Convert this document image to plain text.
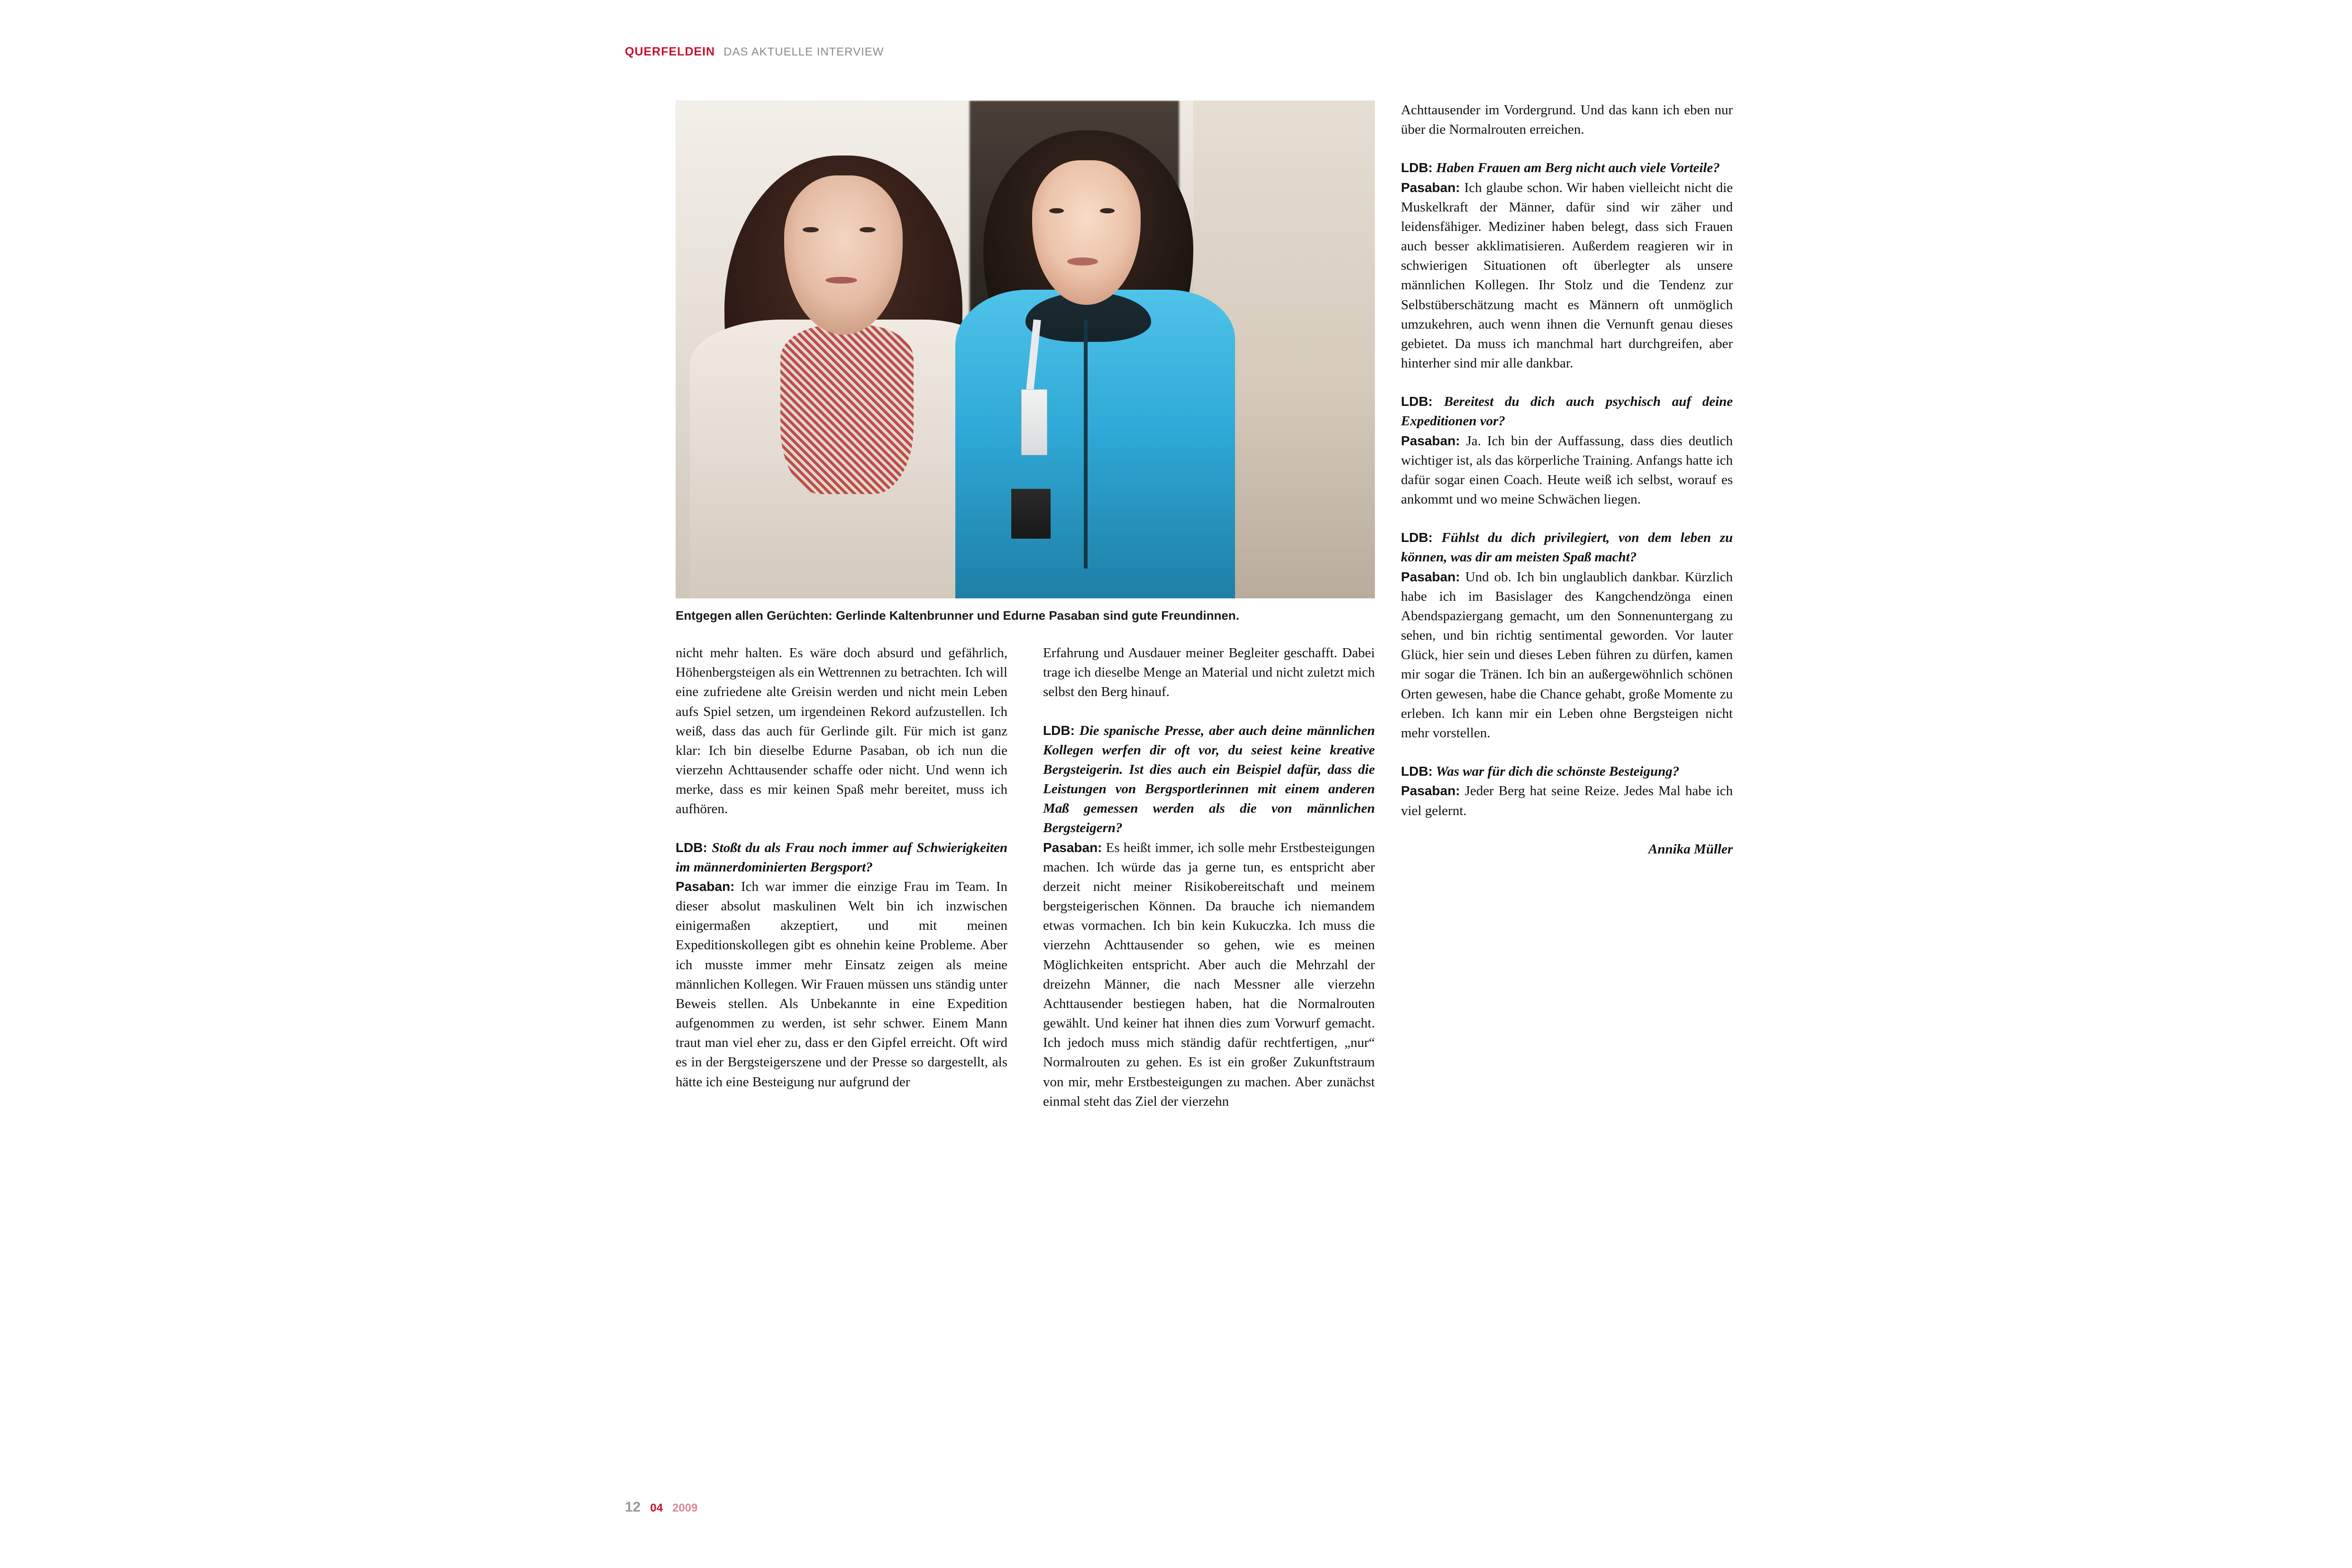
QUERFELDEIN DAS AKTUELLE INTERVIEW
Entgegen allen Gerüchten: Gerlinde Kaltenbrunner und Edurne Pasaban sind gute Freundinnen.

nicht mehr halten. Es wäre doch absurd und gefährlich, Höhenbergsteigen als ein Wettrennen zu betrachten. Ich will eine zufriedene alte Greisin werden und nicht mein Leben aufs Spiel setzen, um irgendeinen Rekord aufzustellen. Ich weiß, dass das auch für Gerlinde gilt. Für mich ist ganz klar: Ich bin dieselbe Edurne Pasaban, ob ich nun die vierzehn Achttausender schaffe oder nicht. Und wenn ich merke, dass es mir keinen Spaß mehr bereitet, muss ich aufhören.

LDB: Stoßt du als Frau noch immer auf Schwierigkeiten im männerdominierten Bergsport?

Pasaban: Ich war immer die einzige Frau im Team. In dieser absolut maskulinen Welt bin ich inzwischen einigermaßen akzeptiert, und mit meinen Expeditionskollegen gibt es ohnehin keine Probleme. Aber ich musste immer mehr Einsatz zeigen als meine männlichen Kollegen. Wir Frauen müssen uns ständig unter Beweis stellen. Als Unbekannte in eine Expedition aufgenommen zu werden, ist sehr schwer. Einem Mann traut man viel eher zu, dass er den Gipfel erreicht. Oft wird es in der Bergsteigerszene und der Presse so dargestellt, als hätte ich eine Besteigung nur aufgrund der

Erfahrung und Ausdauer meiner Begleiter geschafft. Dabei trage ich dieselbe Menge an Material und nicht zuletzt mich selbst den Berg hinauf.

LDB: Die spanische Presse, aber auch deine männlichen Kollegen werfen dir oft vor, du seiest keine kreative Bergsteigerin. Ist dies auch ein Beispiel dafür, dass die Leistungen von Bergsportlerinnen mit einem anderen Maß gemessen werden als die von männlichen Bergsteigern?

Pasaban: Es heißt immer, ich solle mehr Erstbesteigungen machen. Ich würde das ja gerne tun, es entspricht aber derzeit nicht meiner Risikobereitschaft und meinem bergsteigerischen Können. Da brauche ich niemandem etwas vormachen. Ich bin kein Kukuczka. Ich muss die vierzehn Achttausender so gehen, wie es meinen Möglichkeiten entspricht. Aber auch die Mehrzahl der dreizehn Männer, die nach Messner alle vierzehn Achttausender bestiegen haben, hat die Normalrouten gewählt. Und keiner hat ihnen dies zum Vorwurf gemacht. Ich jedoch muss mich ständig dafür rechtfertigen, „nur“ Normalrouten zu gehen. Es ist ein großer Zukunftstraum von mir, mehr Erstbesteigungen zu machen. Aber zunächst einmal steht das Ziel der vierzehn

Achttausender im Vordergrund. Und das kann ich eben nur über die Normalrouten erreichen.

LDB: Haben Frauen am Berg nicht auch viele Vorteile?

Pasaban: Ich glaube schon. Wir haben vielleicht nicht die Muskelkraft der Männer, dafür sind wir zäher und leidensfähiger. Mediziner haben belegt, dass sich Frauen auch besser akklimatisieren. Außerdem reagieren wir in schwierigen Situationen oft überlegter als unsere männlichen Kollegen. Ihr Stolz und die Tendenz zur Selbstüberschätzung macht es Männern oft unmöglich umzukehren, auch wenn ihnen die Vernunft genau dieses gebietet. Da muss ich manchmal hart durchgreifen, aber hinterher sind mir alle dankbar.

LDB: Bereitest du dich auch psychisch auf deine Expeditionen vor?

Pasaban: Ja. Ich bin der Auffassung, dass dies deutlich wichtiger ist, als das körperliche Training. Anfangs hatte ich dafür sogar einen Coach. Heute weiß ich selbst, worauf es ankommt und wo meine Schwächen liegen.

LDB: Fühlst du dich privilegiert, von dem leben zu können, was dir am meisten Spaß macht?

Pasaban: Und ob. Ich bin unglaublich dankbar. Kürzlich habe ich im Basislager des Kangchendzönga einen Abendspaziergang gemacht, um den Sonnenuntergang zu sehen, und bin richtig sentimental geworden. Vor lauter Glück, hier sein und dieses Leben führen zu dürfen, kamen mir sogar die Tränen. Ich bin an außergewöhnlich schönen Orten gewesen, habe die Chance gehabt, große Momente zu erleben. Ich kann mir ein Leben ohne Bergsteigen nicht mehr vorstellen.

LDB: Was war für dich die schönste Besteigung?

Pasaban: Jeder Berg hat seine Reize. Jedes Mal habe ich viel gelernt.

Annika Müller
12 04 2009
